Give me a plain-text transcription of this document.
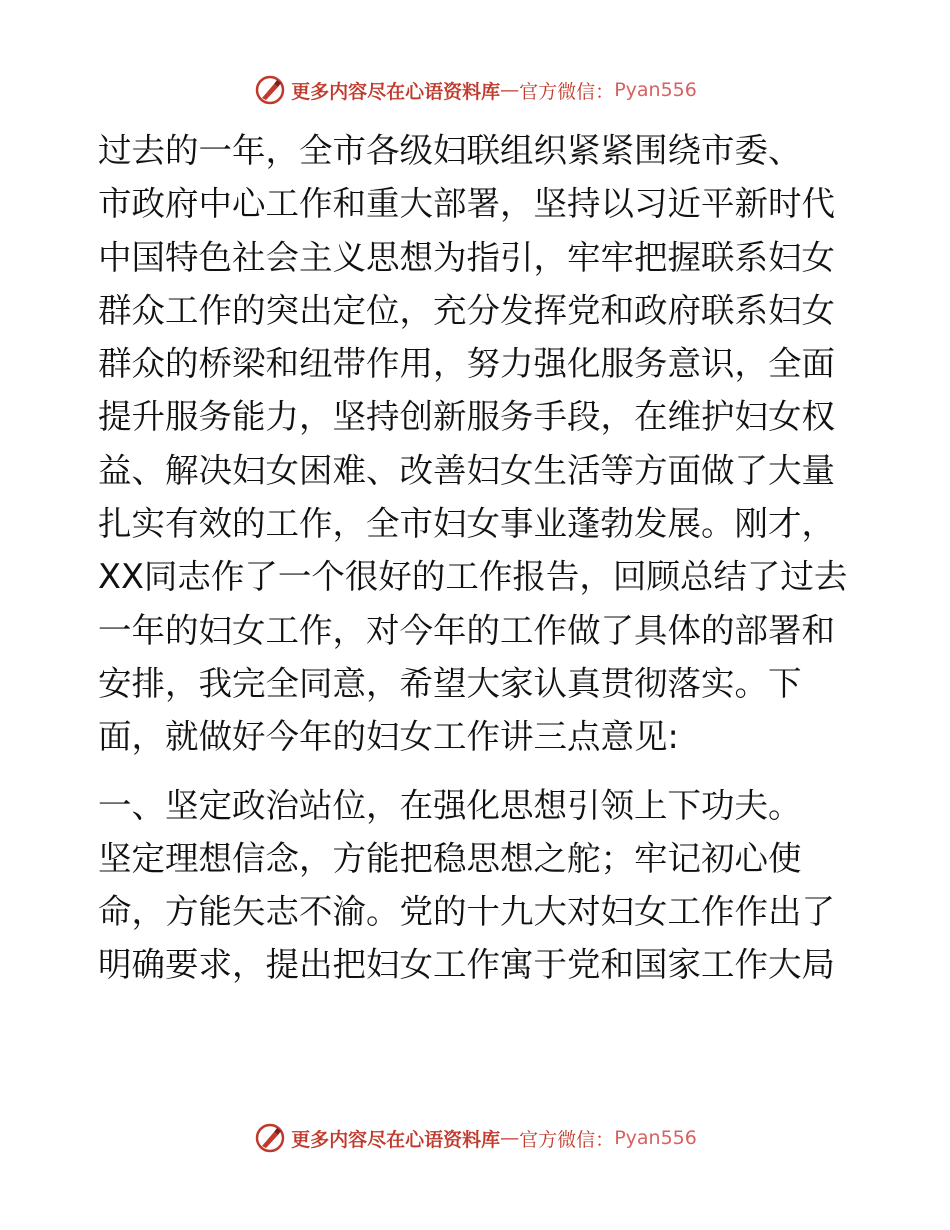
更多内容尽在心语资料库 — 官方微信： Pyan556

过去的一年，全市各级妇联组织紧紧围绕市委、
市政府中心工作和重大部署，坚持以习近平新时代
中国特色社会主义思想为指引，牢牢把握联系妇女
群众工作的突出定位，充分发挥党和政府联系妇女
群众的桥梁和纽带作用，努力强化服务意识，全面
提升服务能力，坚持创新服务手段，在维护妇女权
益、解决妇女困难、改善妇女生活等方面做了大量
扎实有效的工作，全市妇女事业蓬勃发展。刚才，
XX同志作了一个很好的工作报告，回顾总结了过去
一年的妇女工作，对今年的工作做了具体的部署和
安排，我完全同意，希望大家认真贯彻落实。下
面，就做好今年的妇女工作讲三点意见:

一、坚定政治站位，在强化思想引领上下功夫。
坚定理想信念，方能把稳思想之舵；牢记初心使
命，方能矢志不渝。党的十九大对妇女工作作出了
明确要求，提出把妇女工作寓于党和国家工作大局

更多内容尽在心语资料库 — 官方微信： Pyan556
